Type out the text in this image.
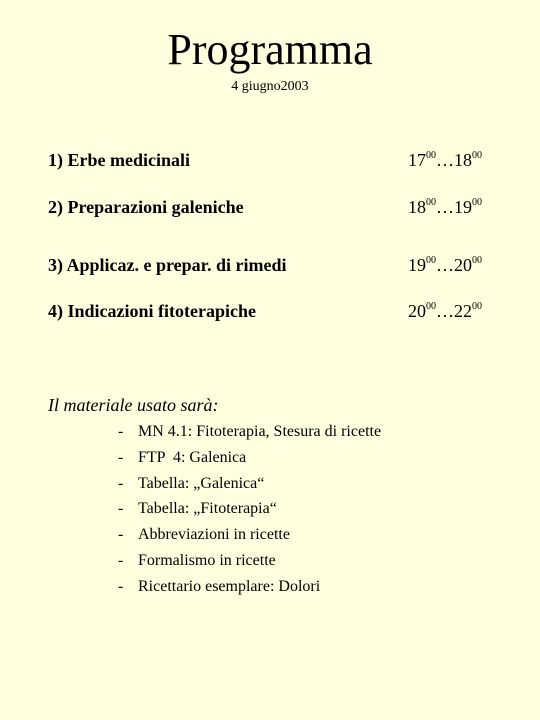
Programma
4 giugno2003
1) Erbe medicinali	$17^{00}\dots 18^{00}$
2) Preparazioni galeniche	$18^{00}\dots 19^{00}$
3) Applicaz. e prepar. di rimedi	$19^{00}\dots 20^{00}$
4) Indicazioni fitoterapiche	$20^{00}\dots 22^{00}$
Il materiale usato sarà:
- MN 4.1: Fitoterapia, Stesura di ricette
- FTP  4: Galenica
- Tabella: „Galenica“
- Tabella: „Fitoterapia“
- Abbreviazioni in ricette
- Formalismo in ricette
- Ricettario esemplare: Dolori
